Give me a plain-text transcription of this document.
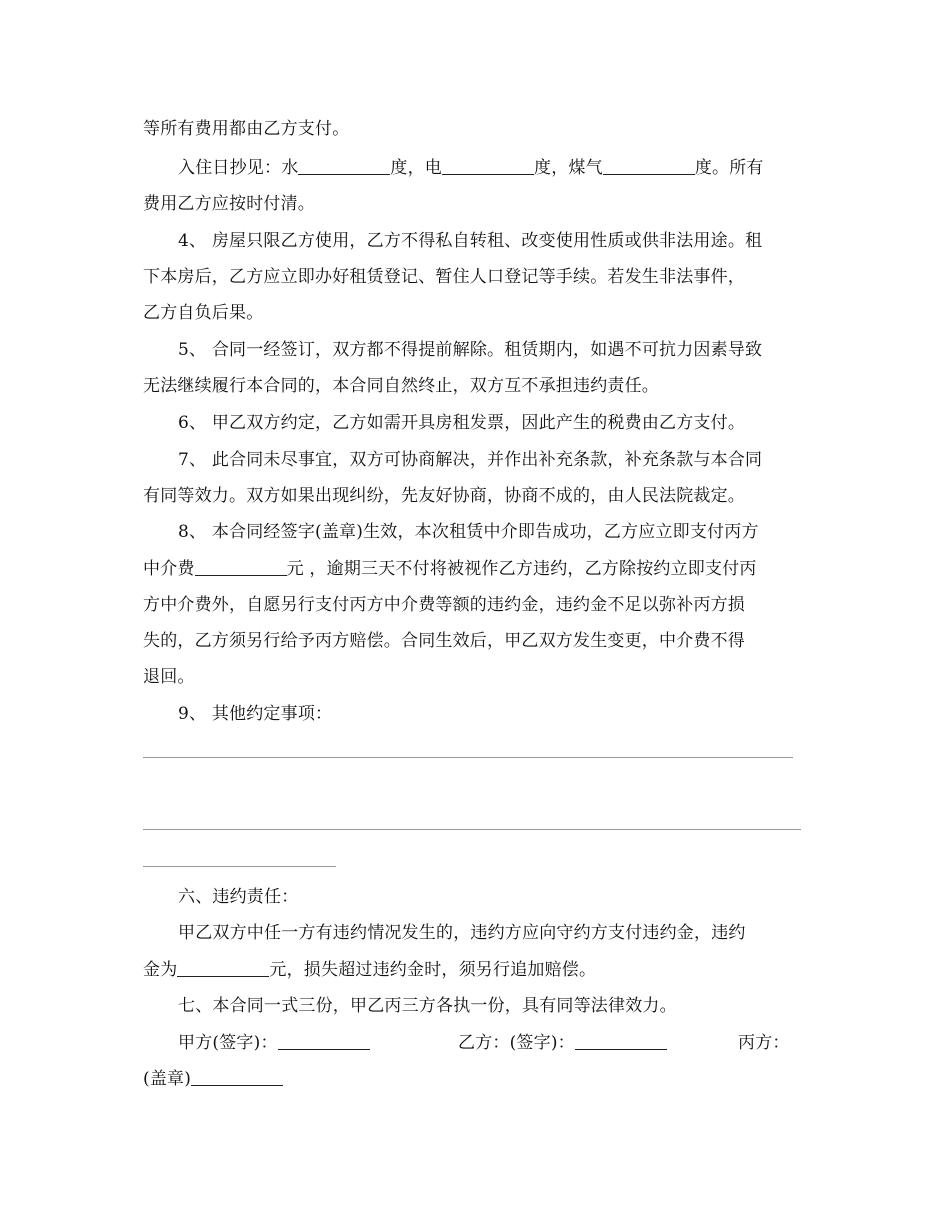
等所有费用都由乙方支付。
入住日抄见：水	度，电	度，煤气	度。所有
费用乙方应按时付清。
4、 房屋只限乙方使用，乙方不得私自转租、改变使用性质或供非法用途。租
下本房后，乙方应立即办好租赁登记、暂住人口登记等手续。若发生非法事件，
乙方自负后果。
5、 合同一经签订，双方都不得提前解除。租赁期内，如遇不可抗力因素导致
无法继续履行本合同的，本合同自然终止，双方互不承担违约责任。
6、 甲乙双方约定，乙方如需开具房租发票，因此产生的税费由乙方支付。
7、 此合同未尽事宜，双方可协商解决，并作出补充条款，补充条款与本合同
有同等效力。双方如果出现纠纷，先友好协商，协商不成的，由人民法院裁定。
8、 本合同经签字(盖章)生效，本次租赁中介即告成功，乙方应立即支付丙方
中介费	元 ，逾期三天不付将被视作乙方违约，乙方除按约立即支付丙
方中介费外，自愿另行支付丙方中介费等额的违约金，违约金不足以弥补丙方损
失的，乙方须另行给予丙方赔偿。合同生效后，甲乙双方发生变更，中介费不得
退回。
9、 其他约定事项：
六、违约责任：
甲乙双方中任一方有违约情况发生的，违约方应向守约方支付违约金，违约
金为	元，损失超过违约金时，须另行追加赔偿。
七、本合同一式三份，甲乙丙三方各执一份，具有同等法律效力。
甲方(签字)：	乙方：(签字)：	丙方：
(盖章)
